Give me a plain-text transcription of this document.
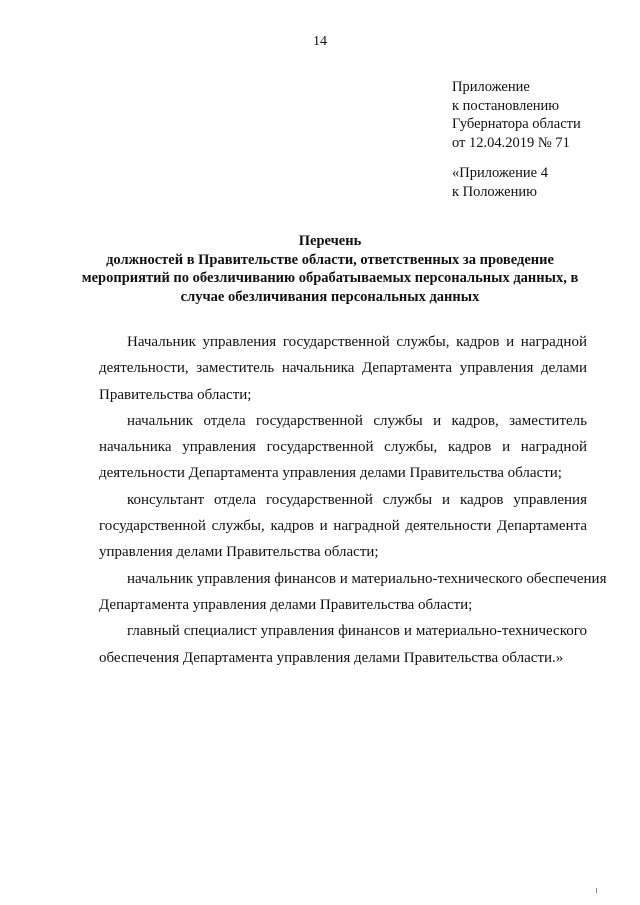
14
Приложение
к постановлению
Губернатора области
от 12.04.2019 № 71
«Приложение 4
к Положению
Перечень
должностей в Правительстве области, ответственных за проведение
мероприятий по обезличиванию обрабатываемых персональных данных, в
случае обезличивания персональных данных
Начальник управления государственной службы, кадров и наградной
деятельности, заместитель начальника Департамента управления делами
Правительства области;
начальник отдела государственной службы и кадров, заместитель
начальника управления государственной службы, кадров и наградной
деятельности Департамента управления делами Правительства области;
консультант отдела государственной службы и кадров управления
государственной службы, кадров и наградной деятельности Департамента
управления делами Правительства области;
начальник управления финансов и материально-технического обеспечения
Департамента управления делами Правительства области;
главный специалист управления финансов и материально-технического
обеспечения Департамента управления делами Правительства области.»
